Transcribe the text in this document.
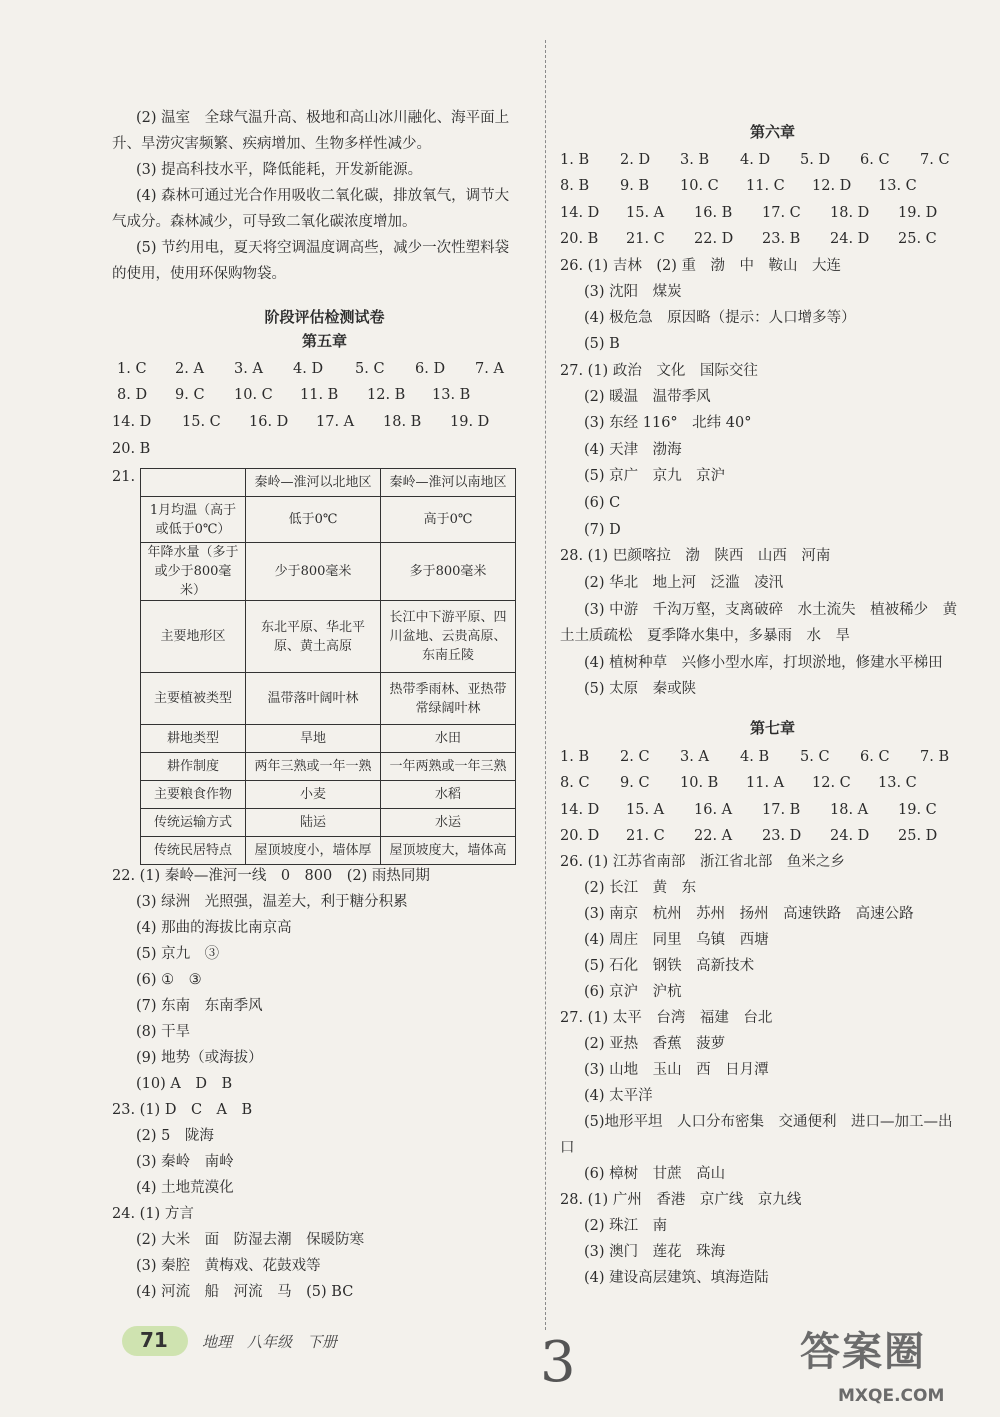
(2) 温室　全球气温升高、极地和高山冰川融化、海平面上
升、旱涝灾害频繁、疾病增加、生物多样性减少。
(3) 提高科技水平，降低能耗，开发新能源。
(4) 森林可通过光合作用吸收二氧化碳，排放氧气，调节大
气成分。森林减少，可导致二氧化碳浓度增加。
(5) 节约用电，夏天将空调温度调高些，减少一次性塑料袋
的使用，使用环保购物袋。
阶段评估检测试卷
第五章
1. C 2. A 3. A 4. D 5. C 6. D 7. A
8. D 9. C 10. C 11. B 12. B 13. B
14. D 15. C 16. D 17. A 18. B 19. D
20. B
21.
		秦岭—淮河以北地区	秦岭—淮河以南地区
1月均温（高于或低于0℃）	低于0℃	高于0℃
年降水量（多于或少于800毫米）	少于800毫米	多于800毫米
主要地形区	东北平原、华北平原、黄土高原	长江中下游平原、四川盆地、云贵高原、东南丘陵
主要植被类型	温带落叶阔叶林	热带季雨林、亚热带常绿阔叶林
耕地类型	旱地	水田
耕作制度	两年三熟或一年一熟	一年两熟或一年三熟
主要粮食作物	小麦	水稻
传统运输方式	陆运	水运
传统民居特点	屋顶坡度小，墙体厚	屋顶坡度大，墙体高
22. (1) 秦岭—淮河一线　0　800　(2) 雨热同期
(3) 绿洲　光照强，温差大，利于糖分积累
(4) 那曲的海拔比南京高
(5) 京九　③
(6) ①　③
(7) 东南　东南季风
(8) 干旱
(9) 地势（或海拔）
(10) A　D　B
23. (1) D　C　A　B
(2) 5　陇海
(3) 秦岭　南岭
(4) 土地荒漠化
24. (1) 方言
(2) 大米　面　防湿去潮　保暖防寒
(3) 秦腔　黄梅戏、花鼓戏等
(4) 河流　船　河流　马　(5) BC
第六章
1. B 2. D 3. B 4. D 5. D 6. C 7. C
8. B 9. B 10. C 11. C 12. D 13. C
14. D 15. A 16. B 17. C 18. D 19. D
20. B 21. C 22. D 23. B 24. D 25. C
26. (1) 吉林　(2) 重　渤　中　鞍山　大连
(3) 沈阳　煤炭
(4) 极危急　原因略（提示：人口增多等）
(5) B
27. (1) 政治　文化　国际交往
(2) 暖温　温带季风
(3) 东经 116°　北纬 40°
(4) 天津　渤海
(5) 京广　京九　京沪
(6) C
(7) D
28. (1) 巴颜喀拉　渤　陕西　山西　河南
(2) 华北　地上河　泛滥　凌汛
(3) 中游　千沟万壑，支离破碎　水土流失　植被稀少　黄
土土质疏松　夏季降水集中，多暴雨　水　旱
(4) 植树种草　兴修小型水库，打坝淤地，修建水平梯田
(5) 太原　秦或陕
第七章
1. B 2. C 3. A 4. B 5. C 6. C 7. B
8. C 9. C 10. B 11. A 12. C 13. C
14. D 15. A 16. A 17. B 18. A 19. C
20. D 21. C 22. A 23. D 24. D 25. D
26. (1) 江苏省南部　浙江省北部　鱼米之乡
(2) 长江　黄　东
(3) 南京　杭州　苏州　扬州　高速铁路　高速公路
(4) 周庄　同里　乌镇　西塘
(5) 石化　钢铁　高新技术
(6) 京沪　沪杭
27. (1) 太平　台湾　福建　台北
(2) 亚热　香蕉　菠萝
(3) 山地　玉山　西　日月潭
(4) 太平洋
(5)地形平坦　人口分布密集　交通便利　进口—加工—出
口
(6) 樟树　甘蔗　高山
28. (1) 广州　香港　京广线　京九线
(2) 珠江　南
(3) 澳门　莲花　珠海
(4) 建设高层建筑、填海造陆
71 地理　八年级　下册	3	答案圈
MXQE.COM
